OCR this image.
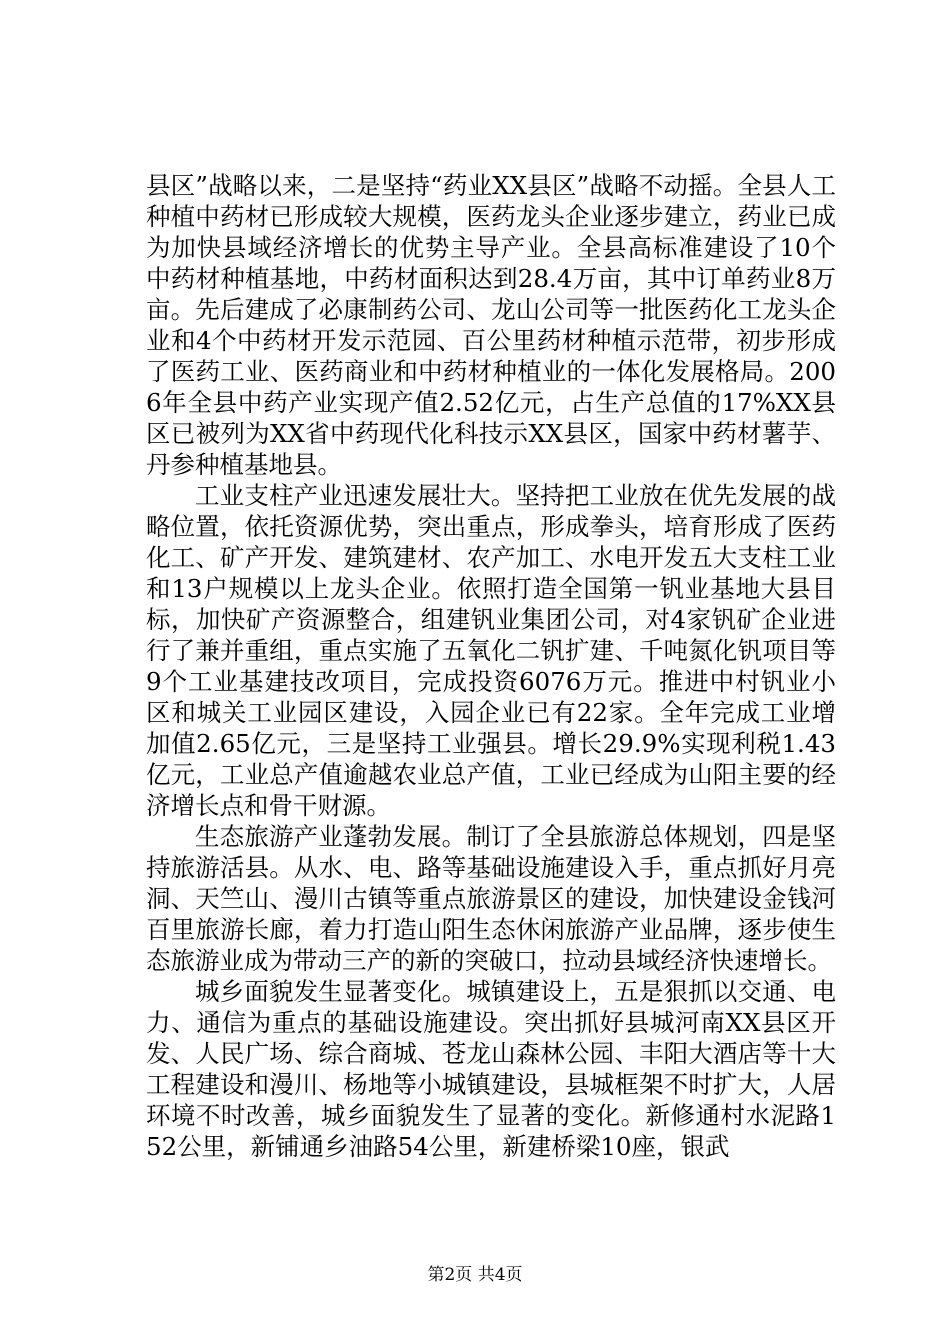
县区”战略以来，二是坚持“药业XX县区”战略不动摇。全县人工种植中药材已形成较大规模，医药龙头企业逐步建立，药业已成为加快县域经济增长的优势主导产业。全县高标准建设了10个中药材种植基地，中药材面积达到28.4万亩，其中订单药业8万亩。先后建成了必康制药公司、龙山公司等一批医药化工龙头企业和4个中药材开发示范园、百公里药材种植示范带，初步形成了医药工业、医药商业和中药材种植业的一体化发展格局。2006年全县中药产业实现产值2.52亿元，占生产总值的17%XX县区已被列为XX省中药现代化科技示XX县区，国家中药材薯芋、丹参种植基地县。

工业支柱产业迅速发展壮大。坚持把工业放在优先发展的战略位置，依托资源优势，突出重点，形成拳头，培育形成了医药化工、矿产开发、建筑建材、农产加工、水电开发五大支柱工业和13户规模以上龙头企业。依照打造全国第一钒业基地大县目标，加快矿产资源整合，组建钒业集团公司，对4家钒矿企业进行了兼并重组，重点实施了五氧化二钒扩建、千吨氮化钒项目等9个工业基建技改项目，完成投资6076万元。推进中村钒业小区和城关工业园区建设，入园企业已有22家。全年完成工业增加值2.65亿元，三是坚持工业强县。增长29.9%实现利税1.43亿元，工业总产值逾越农业总产值，工业已经成为山阳主要的经济增长点和骨干财源。

生态旅游产业蓬勃发展。制订了全县旅游总体规划，四是坚持旅游活县。从水、电、路等基础设施建设入手，重点抓好月亮洞、天竺山、漫川古镇等重点旅游景区的建设，加快建设金钱河百里旅游长廊，着力打造山阳生态休闲旅游产业品牌，逐步使生态旅游业成为带动三产的新的突破口，拉动县域经济快速增长。

城乡面貌发生显著变化。城镇建设上，五是狠抓以交通、电力、通信为重点的基础设施建设。突出抓好县城河南XX县区开发、人民广场、综合商城、苍龙山森林公园、丰阳大酒店等十大工程建设和漫川、杨地等小城镇建设，县城框架不时扩大，人居环境不时改善，城乡面貌发生了显著的变化。新修通村水泥路152公里，新铺通乡油路54公里，新建桥梁10座，银武

第2页 共4页
